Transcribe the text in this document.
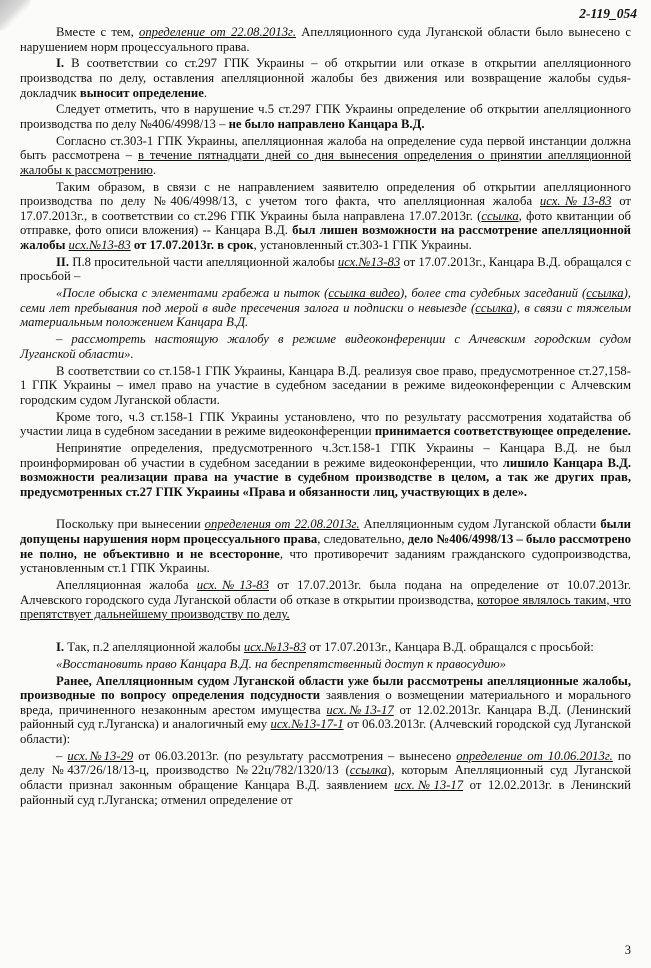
2-119_054

Вместе с тем, определение от 22.08.2013г. Апелляционного суда Луганской области было вынесено с нарушением норм процессуального права.

I. В соответствии со ст.297 ГПК Украины – об открытии или отказе в открытии апелляционного производства по делу, оставления апелляционной жалобы без движения или возвращение жалобы судья-докладчик выносит определение.

Следует отметить, что в нарушение ч.5 ст.297 ГПК Украины определение об открытии апелляционного производства по делу №406/4998/13 – не было направлено Канцара В.Д.

Согласно ст.303-1 ГПК Украины, апелляционная жалоба на определение суда первой инстанции должна быть рассмотрена – в течение пятнадцати дней со дня вынесения определения о принятии апелляционной жалобы к рассмотрению.

Таким образом, в связи с не направлением заявителю определения об открытии апелляционного производства по делу №406/4998/13, с учетом того факта, что апелляционная жалоба исх.№13-83 от 17.07.2013г., в соответствии со ст.296 ГПК Украины была направлена 17.07.2013г. (ссылка, фото квитанции об отправке, фото описи вложения) -- Канцара В.Д. был лишен возможности на рассмотрение апелляционной жалобы исх.№13-83 от 17.07.2013г. в срок, установленный ст.303-1 ГПК Украины.

II. П.8 просительной части апелляционной жалобы исх.№13-83 от 17.07.2013г., Канцара В.Д. обращался с просьбой –

«После обыска с элементами грабежа и пыток (ссылка видео), более ста судебных заседаний (ссылка), семи лет пребывания под мерой в виде пресечения залога и подписки о невыезде (ссылка), в связи с тяжелым материальным положением Канцара В.Д.

– рассмотреть настоящую жалобу в режиме видеоконференции с Алчевским городским судом Луганской области».

В соответствии со ст.158-1 ГПК Украины, Канцара В.Д. реализуя свое право, предусмотренное ст.27,158-1 ГПК Украины – имел право на участие в судебном заседании в режиме видеоконференции с Алчевским городским судом Луганской области.

Кроме того, ч.3 ст.158-1 ГПК Украины установлено, что по результату рассмотрения ходатайства об участии лица в судебном заседании в режиме видеоконференции принимается соответствующее определение.

Непринятие определения, предусмотренного ч.3ст.158-1 ГПК Украины – Канцара В.Д. не был проинформирован об участии в судебном заседании в режиме видеоконференции, что лишило Канцара В.Д. возможности реализации права на участие в судебном производстве в целом, а так же других прав, предусмотренных ст.27 ГПК Украины «Права и обязанности лиц, участвующих в деле».

Поскольку при вынесении определения от 22.08.2013г. Апелляционным судом Луганской области были допущены нарушения норм процессуального права, следовательно, дело №406/4998/13 – было рассмотрено не полно, не объективно и не всесторонне, что противоречит заданиям гражданского судопроизводства, установленным ст.1 ГПК Украины.

Апелляционная жалоба исх.№13-83 от 17.07.2013г. была подана на определение от 10.07.2013г. Алчевского городского суда Луганской области об отказе в открытии производства, которое являлось таким, что препятствует дальнейшему производству по делу.

I. Так, п.2 апелляционной жалобы исх.№13-83 от 17.07.2013г., Канцара В.Д. обращался с просьбой:

«Восстановить право Канцара В.Д. на беспрепятственный доступ к правосудию»

Ранее, Апелляционным судом Луганской области уже были рассмотрены апелляционные жалобы, производные по вопросу определения подсудности заявления о возмещении материального и морального вреда, причиненного незаконным арестом имущества исх.№13-17 от 12.02.2013г. Канцара В.Д. (Ленинский районный суд г.Луганска) и аналогичный ему исх.№13-17-1 от 06.03.2013г. (Алчевский городской суд Луганской области):

– исх.№13-29 от 06.03.2013г. (по результату рассмотрения – вынесено определение от 10.06.2013г. по делу №437/26/18/13-ц, производство №22ц/782/1320/13 (ссылка), которым Апелляционный суд Луганской области признал законным обращение Канцара В.Д. заявлением исх.№13-17 от 12.02.2013г. в Ленинский районный суд г.Луганска; отменил определение от

3
